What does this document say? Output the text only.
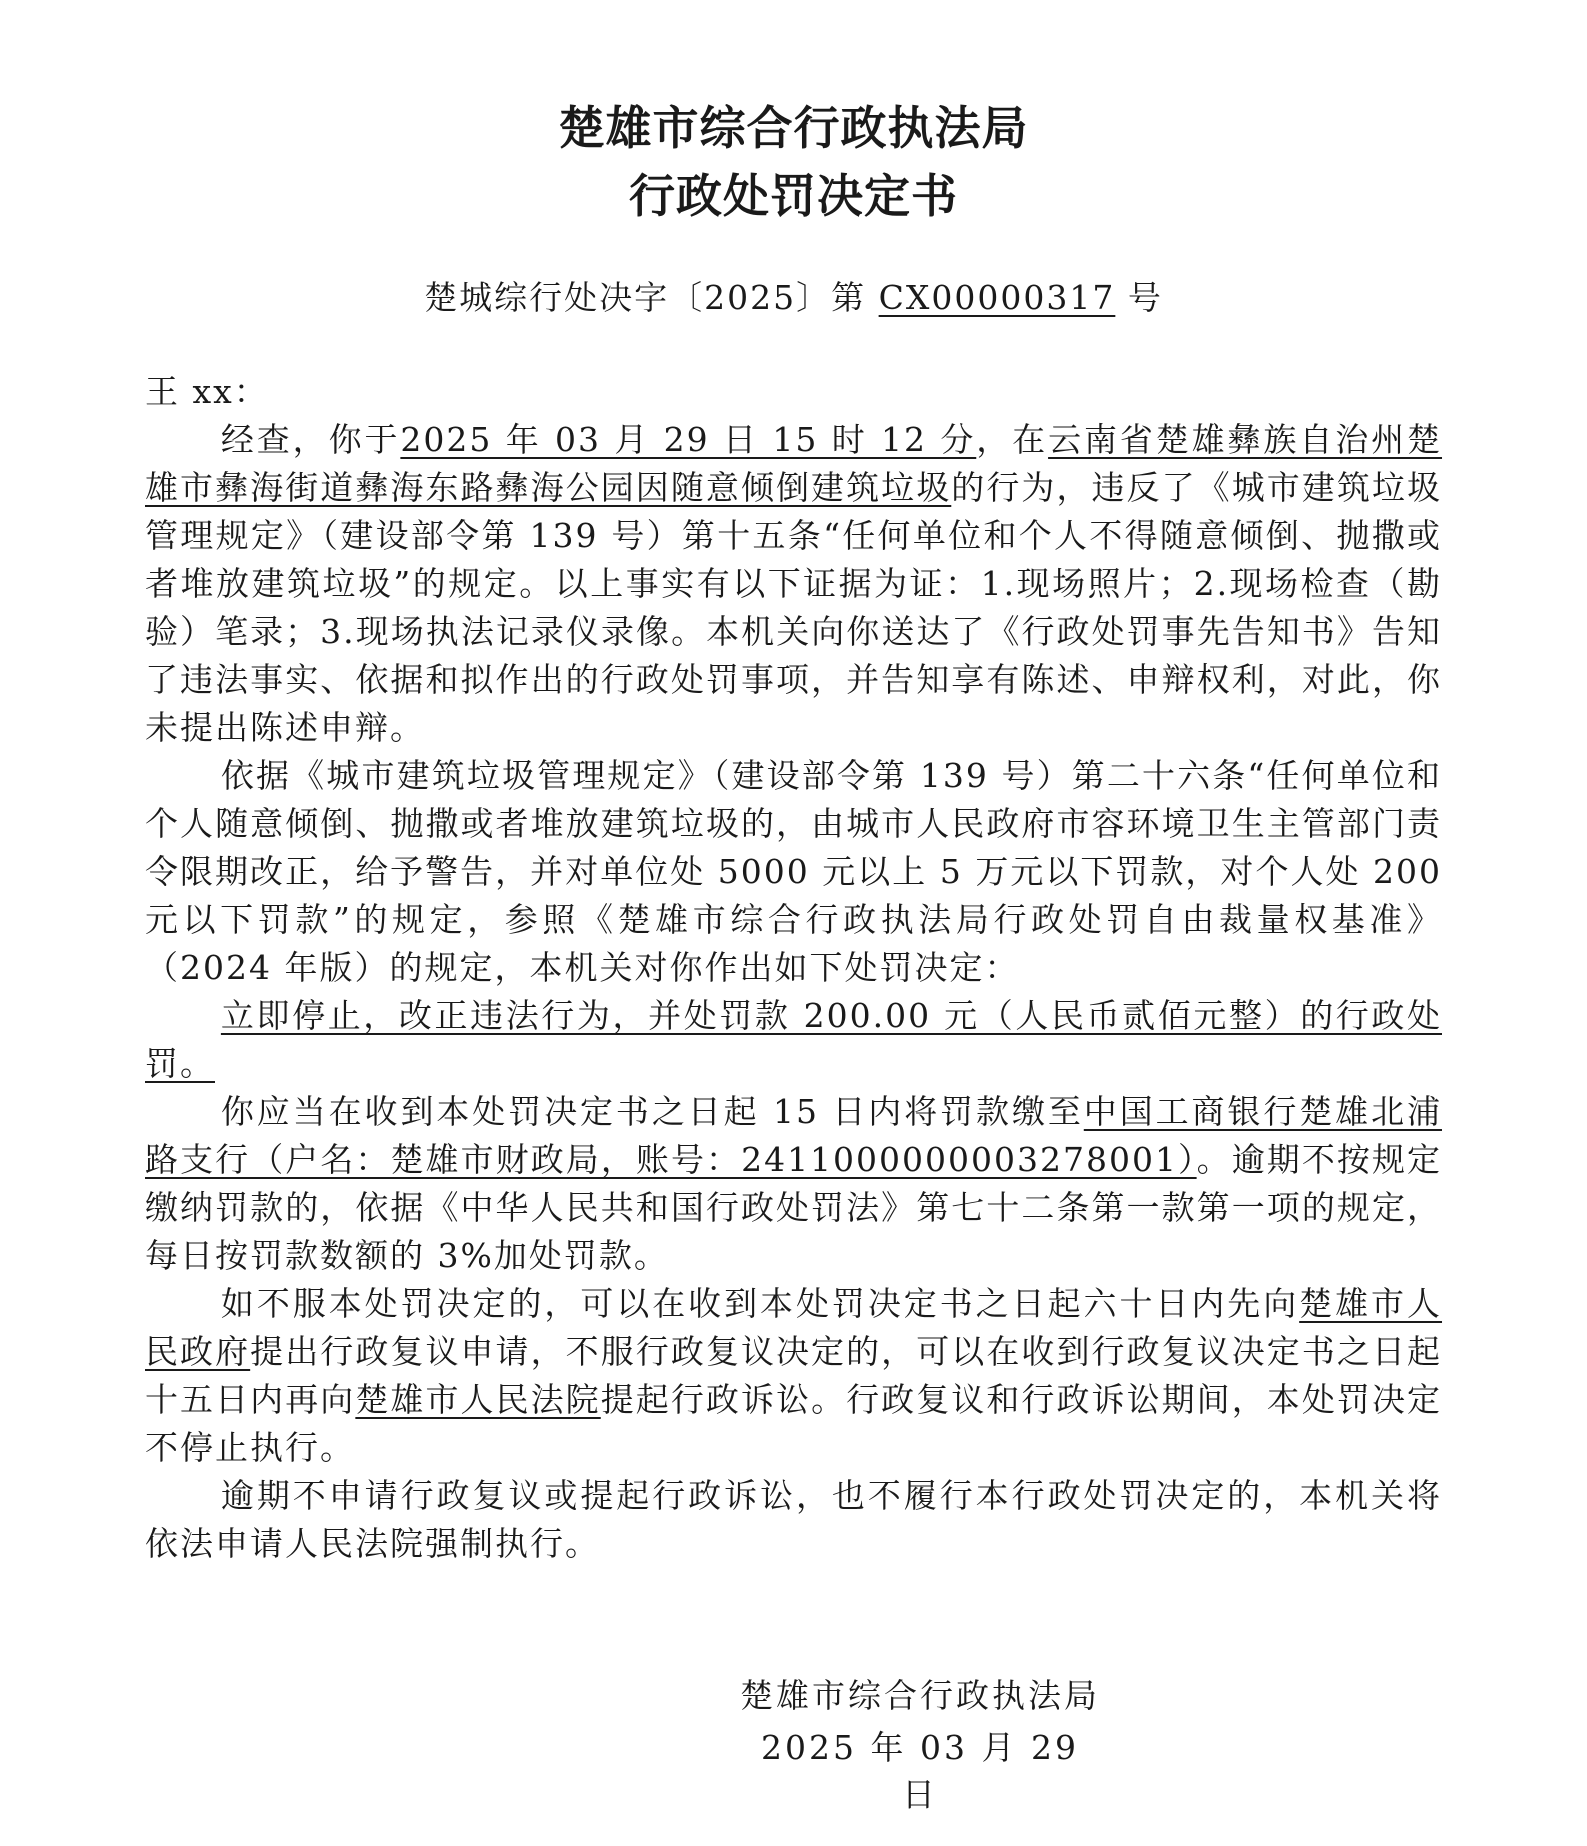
楚雄市综合行政执法局
行政处罚决定书
楚城综行处决字〔2025〕第 CX00000317 号

王 xx：

经查，你于2025 年 03 月 29 日 15 时 12 分，在云南省楚雄彝族自治州楚雄市彝海街道彝海东路彝海公园因随意倾倒建筑垃圾的行为，违反了《城市建筑垃圾管理规定》（建设部令第 139 号）第十五条“任何单位和个人不得随意倾倒、抛撒或者堆放建筑垃圾”的规定。以上事实有以下证据为证：1.现场照片；2.现场检查（勘验）笔录；3.现场执法记录仪录像。本机关向你送达了《行政处罚事先告知书》告知了违法事实、依据和拟作出的行政处罚事项，并告知享有陈述、申辩权利，对此，你未提出陈述申辩。

依据《城市建筑垃圾管理规定》（建设部令第 139 号）第二十六条“任何单位和个人随意倾倒、抛撒或者堆放建筑垃圾的，由城市人民政府市容环境卫生主管部门责令限期改正，给予警告，并对单位处 5000 元以上 5 万元以下罚款，对个人处 200 元以下罚款”的规定，参照《楚雄市综合行政执法局行政处罚自由裁量权基准》（2024 年版）的规定，本机关对你作出如下处罚决定：

立即停止，改正违法行为，并处罚款 200.00 元（人民币贰佰元整）的行政处罚。

你应当在收到本处罚决定书之日起 15 日内将罚款缴至中国工商银行楚雄北浦路支行（户名：楚雄市财政局，账号：2411000000003278001）。逾期不按规定缴纳罚款的，依据《中华人民共和国行政处罚法》第七十二条第一款第一项的规定，每日按罚款数额的 3%加处罚款。

如不服本处罚决定的，可以在收到本处罚决定书之日起六十日内先向楚雄市人民政府提出行政复议申请，不服行政复议决定的，可以在收到行政复议决定书之日起十五日内再向楚雄市人民法院提起行政诉讼。行政复议和行政诉讼期间，本处罚决定不停止执行。

逾期不申请行政复议或提起行政诉讼，也不履行本行政处罚决定的，本机关将依法申请人民法院强制执行。

楚雄市综合行政执法局
2025 年 03 月 29 日
